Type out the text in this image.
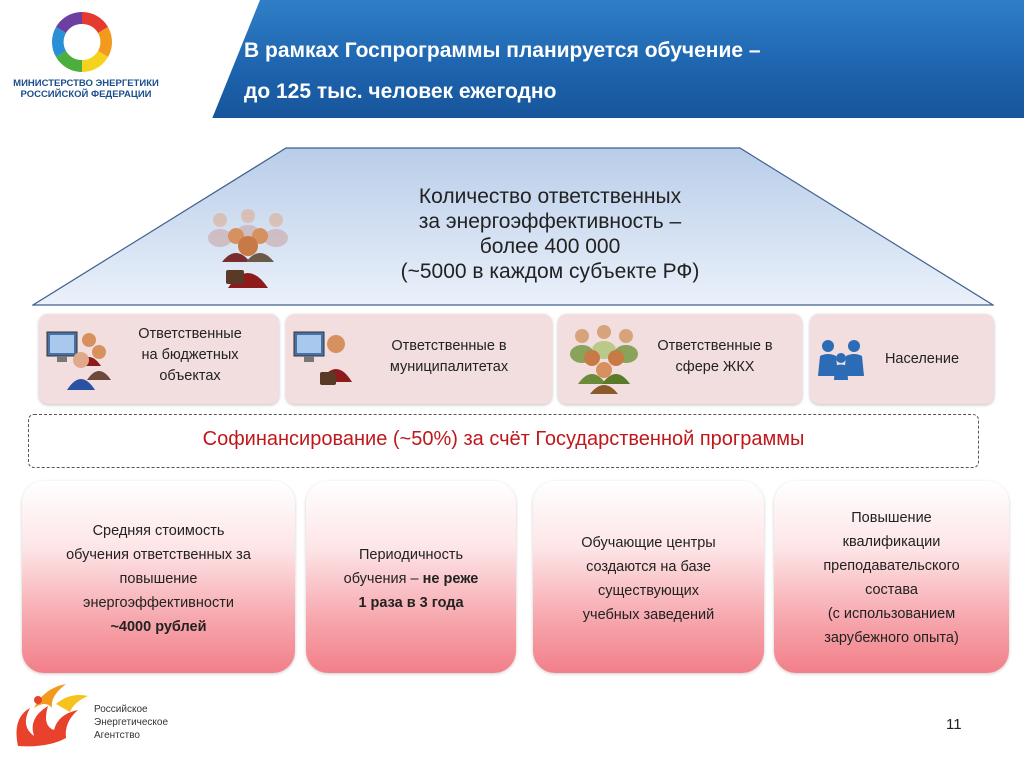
МИНИСТЕРСТВО ЭНЕРГЕТИКИ
РОССИЙСКОЙ ФЕДЕРАЦИИ
В рамках Госпрограммы планируется обучение –
до 125 тыс. человек ежегодно
Количество ответственных
за энергоэффективность –
более 400 000
(~5000 в каждом субъекте РФ)
Ответственные
на бюджетных
объектах
Ответственные в
муниципалитетах
Ответственные в
сфере ЖКХ	Население
Софинансирование (~50%) за счёт Государственной программы
Средняя стоимость
обучения ответственных за
повышение
энергоэффективности
~4000 рублей
Периодичность
обучения – не реже
1 раза в 3 года
Обучающие центры
создаются на базе
существующих
учебных заведений
Повышение
квалификации
преподавательского
состава
(с использованием
зарубежного опыта)
Российское
Энергетическое
Агентство
11
